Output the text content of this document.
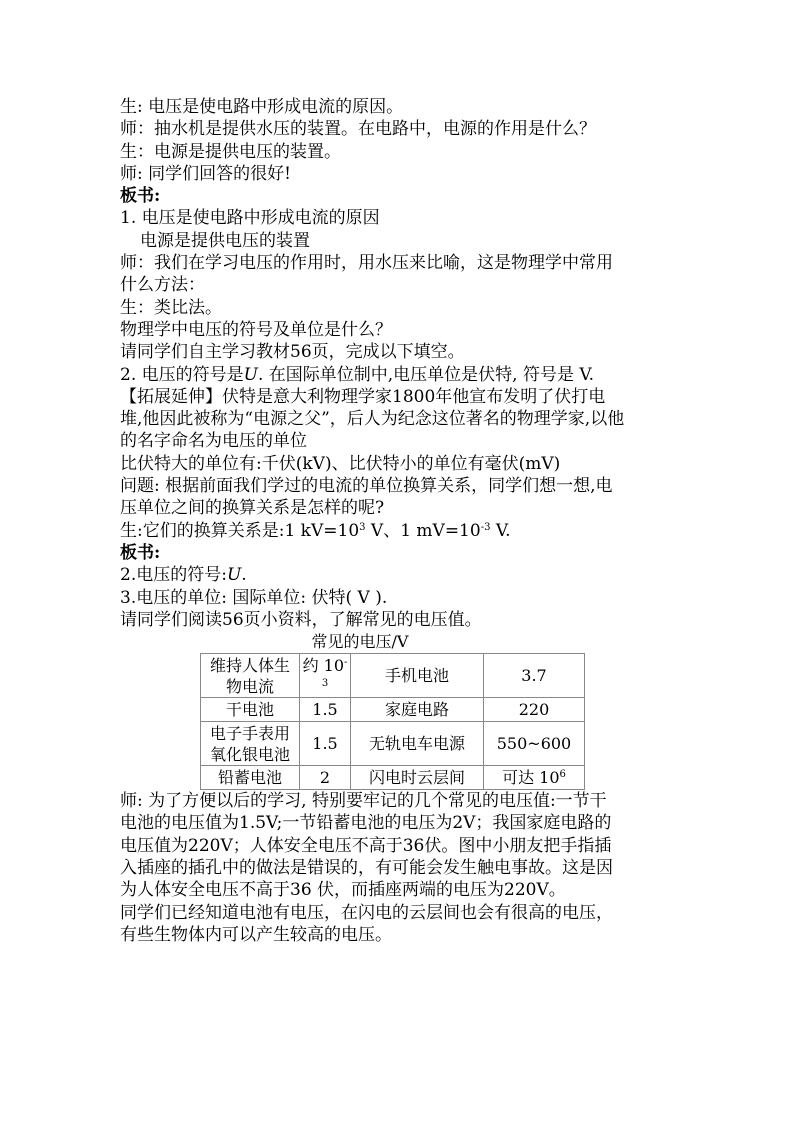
生: 电压是使电路中形成电流的原因。
师：抽水机是提供水压的装置。在电路中，电源的作用是什么？
生：电源是提供电压的装置。
师: 同学们回答的很好!
板书:
1. 电压是使电路中形成电流的原因
电源是提供电压的装置
师：我们在学习电压的作用时，用水压来比喻，这是物理学中常用
什么方法：
生：类比法。
物理学中电压的符号及单位是什么？
请同学们自主学习教材56页，完成以下填空。
2. 电压的符号是U. 在国际单位制中,电压单位是伏特, 符号是 V.
【拓展延伸】伏特是意大利物理学家1800年他宣布发明了伏打电
堆,他因此被称为“电源之父”，后人为纪念这位著名的物理学家,以他
的名字命名为电压的单位
比伏特大的单位有:千伏(kV)、比伏特小的单位有毫伏(mV)
问题: 根据前面我们学过的电流的单位换算关系，同学们想一想,电
压单位之间的换算关系是怎样的呢?
生:它们的换算关系是:1 $kV=10^3$ V、1 $mV=10^{-3}$ V.
板书:
2.电压的符号:U.
3.电压的单位: 国际单位: 伏特( V ).
请同学们阅读56页小资料，了解常见的电压值。
常见的电压/V
维持人体生物电流	约 $10^{-3}$	手机电池	3.7
干电池	1.5	家庭电路	220
电子手表用氧化银电池	1.5	无轨电车电源	550~600
铅蓄电池	2	闪电时云层间	可达 $10^6$
师: 为了方便以后的学习, 特别要牢记的几个常见的电压值:一节干
电池的电压值为1.5V;一节铅蓄电池的电压为2V；我国家庭电路的
电压值为220V；人体安全电压不高于36伏。图中小朋友把手指插
入插座的插孔中的做法是错误的，有可能会发生触电事故。这是因
为人体安全电压不高于36 伏，而插座两端的电压为220V。
同学们已经知道电池有电压，在闪电的云层间也会有很高的电压，
有些生物体内可以产生较高的电压。
